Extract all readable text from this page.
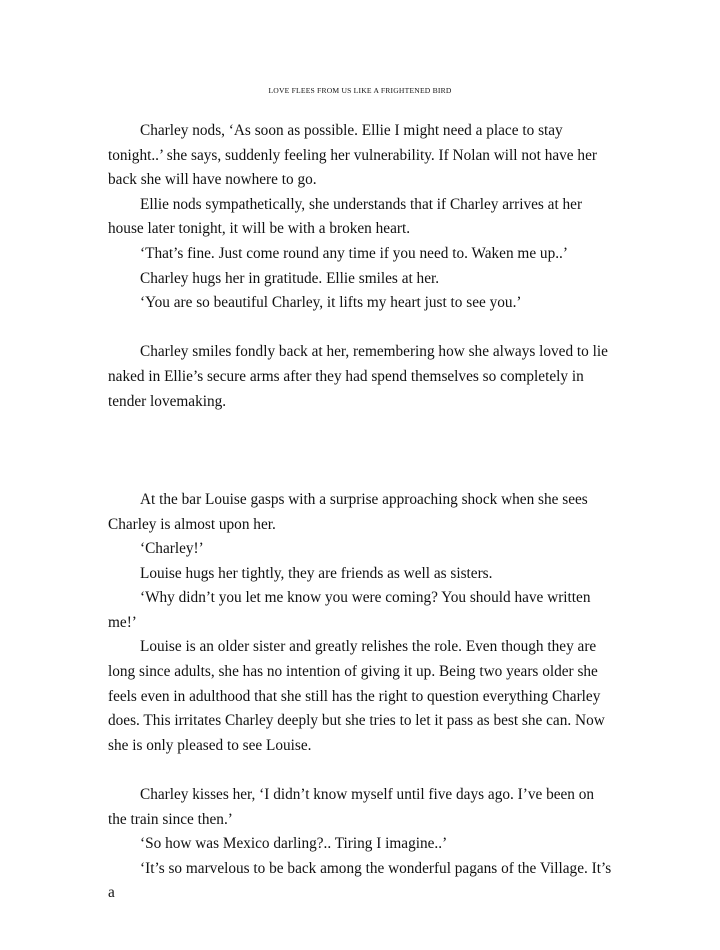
LOVE FLEES FROM US LIKE A FRIGHTENED BIRD

Charley nods, ‘As soon as possible. Ellie I might need a place to stay tonight..’ she says, suddenly feeling her vulnerability. If Nolan will not have her back she will have nowhere to go.

Ellie nods sympathetically, she understands that if Charley arrives at her house later tonight, it will be with a broken heart.

‘That’s fine. Just come round any time if you need to. Waken me up..’

Charley hugs her in gratitude. Ellie smiles at her.

‘You are so beautiful Charley, it lifts my heart just to see you.’

Charley smiles fondly back at her, remembering how she always loved to lie naked in Ellie’s secure arms after they had spend themselves so completely in tender lovemaking.

At the bar Louise gasps with a surprise approaching shock when she sees Charley is almost upon her.

‘Charley!’

Louise hugs her tightly, they are friends as well as sisters.

‘Why didn’t you let me know you were coming? You should have written me!’

Louise is an older sister and greatly relishes the role. Even though they are long since adults, she has no intention of giving it up. Being two years older she feels even in adulthood that she still has the right to question everything Charley does. This irritates Charley deeply but she tries to let it pass as best she can. Now she is only pleased to see Louise.

Charley kisses her, ‘I didn’t know myself until five days ago. I’ve been on the train since then.’

‘So how was Mexico darling?.. Tiring I imagine..’

‘It’s so marvelous to be back among the wonderful pagans of the Village. It’s a
